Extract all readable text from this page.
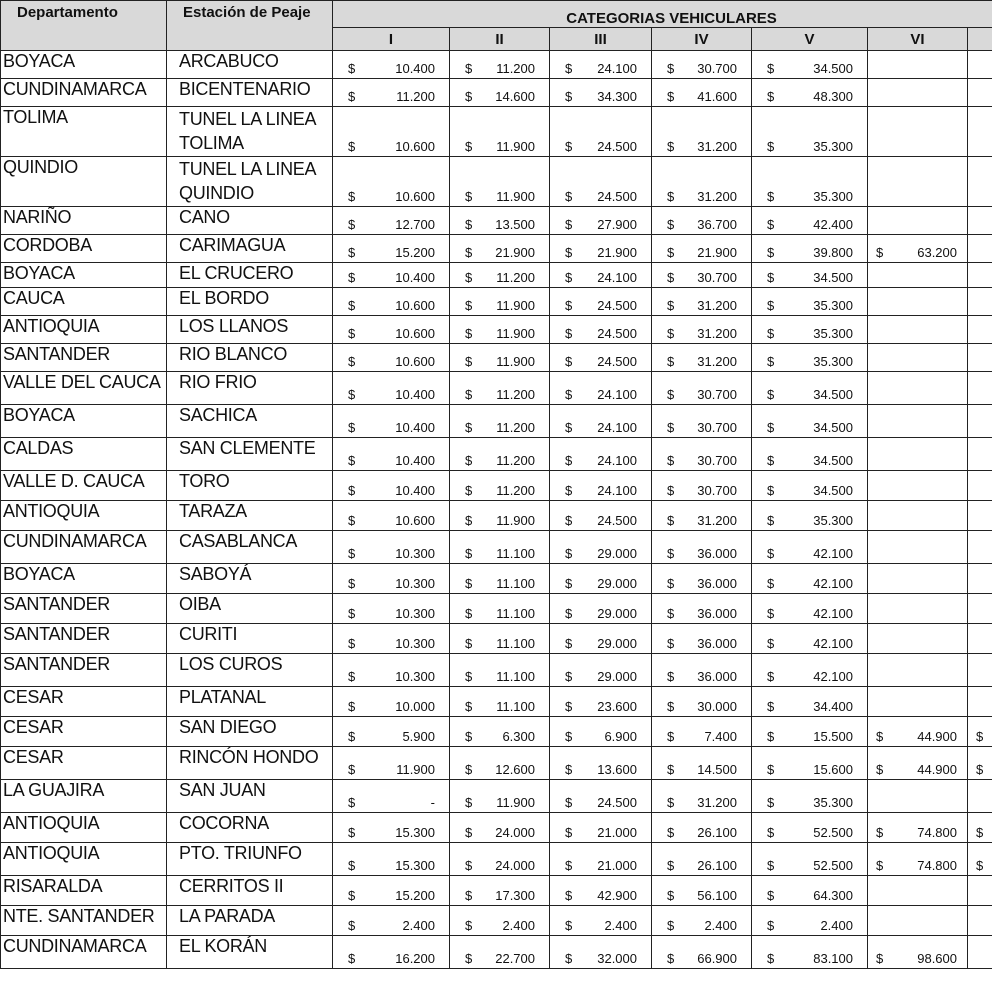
Departamento	Estación de Peaje	CATEGORIAS VEHICULARES						
		I	II	III	IV	V	VI	
BOYACA	ARCABUCO	$ 10.400	$ 11.200	$ 24.100	$ 30.700	$ 34.500		

CUNDINAMARCA	BICENTENARIO	$ 11.200	$ 14.600	$ 34.300	$ 41.600	$ 48.300		

TOLIMA	TUNEL LA LINEA TOLIMA	$ 10.600	$ 11.900	$ 24.500	$ 31.200	$ 35.300		

QUINDIO	TUNEL LA LINEA QUINDIO	$ 10.600	$ 11.900	$ 24.500	$ 31.200	$ 35.300		

NARIÑO	CANO	$ 12.700	$ 13.500	$ 27.900	$ 36.700	$ 42.400		

CORDOBA	CARIMAGUA	$ 15.200	$ 21.900	$ 21.900	$ 21.900	$ 39.800	$ 63.200	

BOYACA	EL CRUCERO	$ 10.400	$ 11.200	$ 24.100	$ 30.700	$ 34.500		

CAUCA	EL BORDO	$ 10.600	$ 11.900	$ 24.500	$ 31.200	$ 35.300		

ANTIOQUIA	LOS LLANOS	$ 10.600	$ 11.900	$ 24.500	$ 31.200	$ 35.300		

SANTANDER	RIO BLANCO	$ 10.600	$ 11.900	$ 24.500	$ 31.200	$ 35.300		

VALLE DEL CAUCA	RIO FRIO	$ 10.400	$ 11.200	$ 24.100	$ 30.700	$ 34.500		

BOYACA	SACHICA	$ 10.400	$ 11.200	$ 24.100	$ 30.700	$ 34.500		

CALDAS	SAN CLEMENTE	$ 10.400	$ 11.200	$ 24.100	$ 30.700	$ 34.500		

VALLE D. CAUCA	TORO	$ 10.400	$ 11.200	$ 24.100	$ 30.700	$ 34.500		

ANTIOQUIA	TARAZA	$ 10.600	$ 11.900	$ 24.500	$ 31.200	$ 35.300		

CUNDINAMARCA	CASABLANCA	$ 10.300	$ 11.100	$ 29.000	$ 36.000	$ 42.100		

BOYACA	SABOYÁ	$ 10.300	$ 11.100	$ 29.000	$ 36.000	$ 42.100		

SANTANDER	OIBA	$ 10.300	$ 11.100	$ 29.000	$ 36.000	$ 42.100		

SANTANDER	CURITI	$ 10.300	$ 11.100	$ 29.000	$ 36.000	$ 42.100		

SANTANDER	LOS CUROS	$ 10.300	$ 11.100	$ 29.000	$ 36.000	$ 42.100		

CESAR	PLATANAL	$ 10.000	$ 11.100	$ 23.600	$ 30.000	$ 34.400		

CESAR	SAN DIEGO	$ 5.900	$ 6.300	$ 6.900	$ 7.400	$ 15.500	$ 44.900	$

CESAR	RINCÓN HONDO	$ 11.900	$ 12.600	$ 13.600	$ 14.500	$ 15.600	$ 44.900	$

LA GUAJIRA	SAN JUAN	$ -	$ 11.900	$ 24.500	$ 31.200	$ 35.300		

ANTIOQUIA	COCORNA	$ 15.300	$ 24.000	$ 21.000	$ 26.100	$ 52.500	$ 74.800	$

ANTIOQUIA	PTO. TRIUNFO	$ 15.300	$ 24.000	$ 21.000	$ 26.100	$ 52.500	$ 74.800	$

RISARALDA	CERRITOS II	$ 15.200	$ 17.300	$ 42.900	$ 56.100	$ 64.300		

NTE. SANTANDER	LA PARADA	$ 2.400	$ 2.400	$ 2.400	$ 2.400	$ 2.400		

CUNDINAMARCA	EL KORÁN	$ 16.200	$ 22.700	$ 32.000	$ 66.900	$ 83.100	$ 98.600	
